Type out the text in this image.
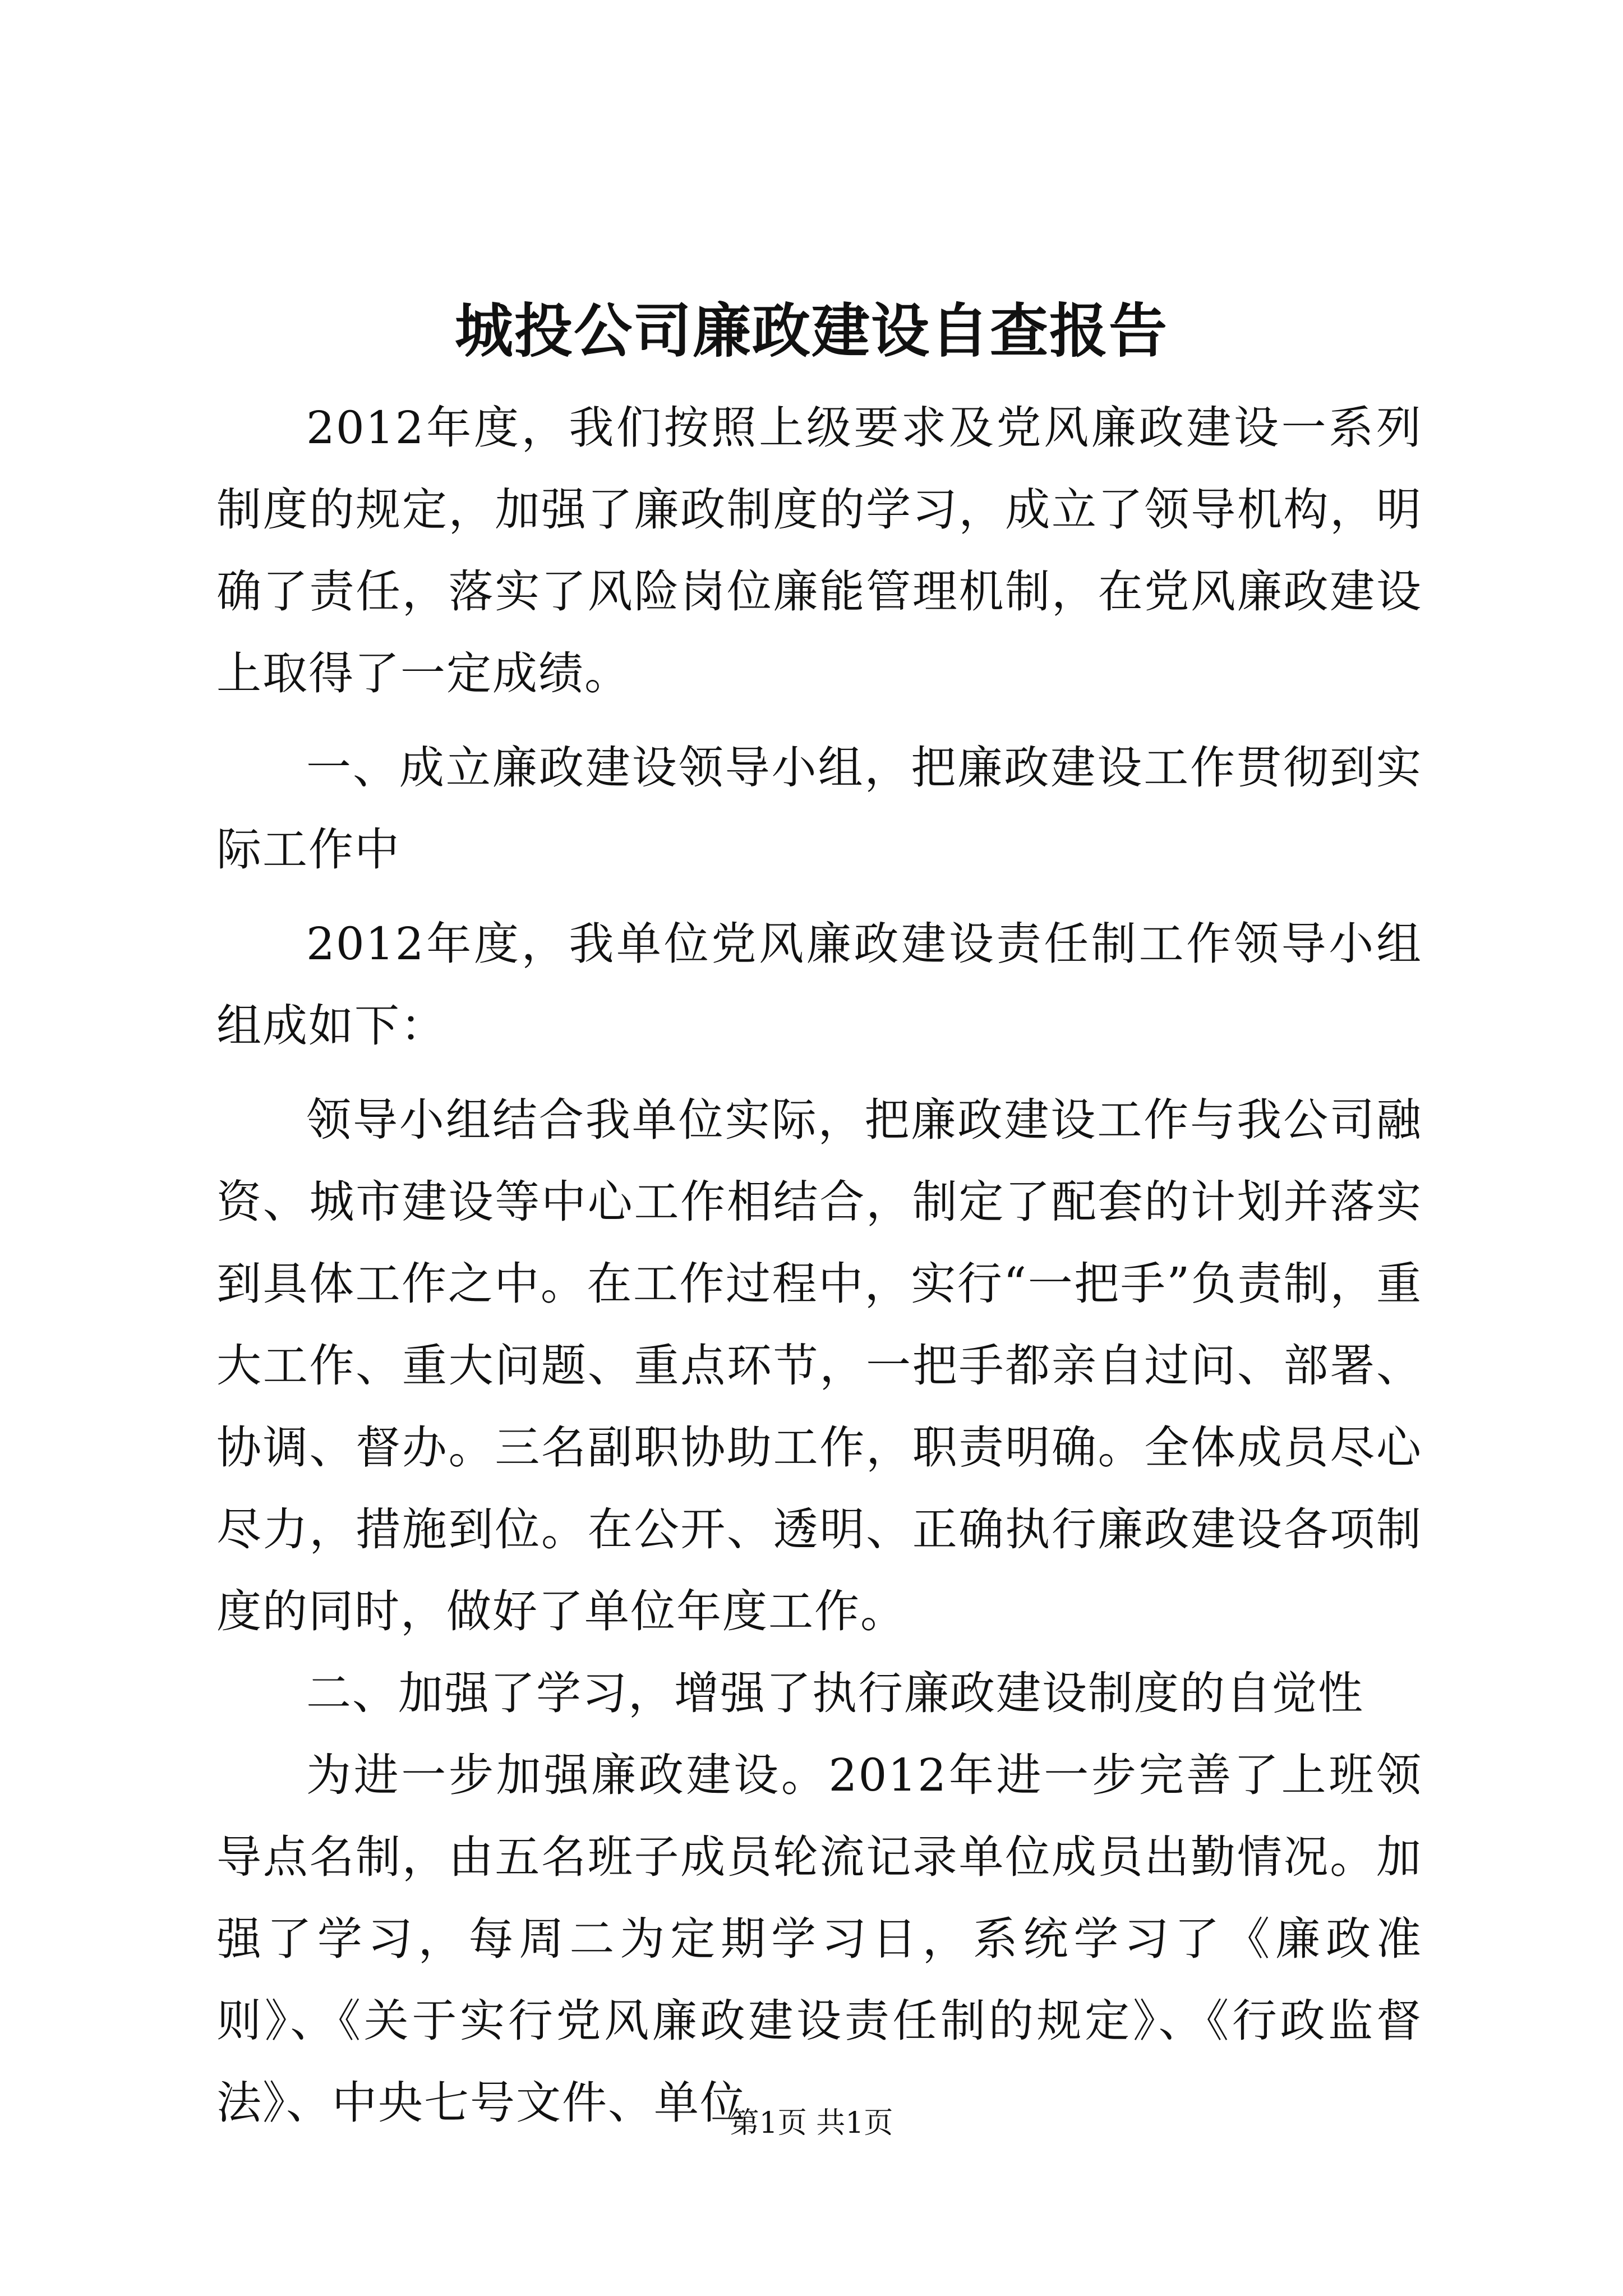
城投公司廉政建设自查报告

2012年度，我们按照上级要求及党风廉政建设一系列制度的规定，加强了廉政制度的学习，成立了领导机构，明确了责任，落实了风险岗位廉能管理机制，在党风廉政建设上取得了一定成绩。

一、成立廉政建设领导小组，把廉政建设工作贯彻到实际工作中

2012年度，我单位党风廉政建设责任制工作领导小组组成如下：

领导小组结合我单位实际，把廉政建设工作与我公司融资、城市建设等中心工作相结合，制定了配套的计划并落实到具体工作之中。在工作过程中，实行“一把手”负责制，重大工作、重大问题、重点环节，一把手都亲自过问、部署、协调、督办。三名副职协助工作，职责明确。全体成员尽心尽力，措施到位。在公开、透明、正确执行廉政建设各项制度的同时，做好了单位年度工作。

二、加强了学习，增强了执行廉政建设制度的自觉性

为进一步加强廉政建设。2012年进一步完善了上班领导点名制，由五名班子成员轮流记录单位成员出勤情况。加强了学习，每周二为定期学习日，系统学习了《廉政准则》、《关于实行党风廉政建设责任制的规定》、《行政监督法》、中央七号文件、单位

第1页 共1页
